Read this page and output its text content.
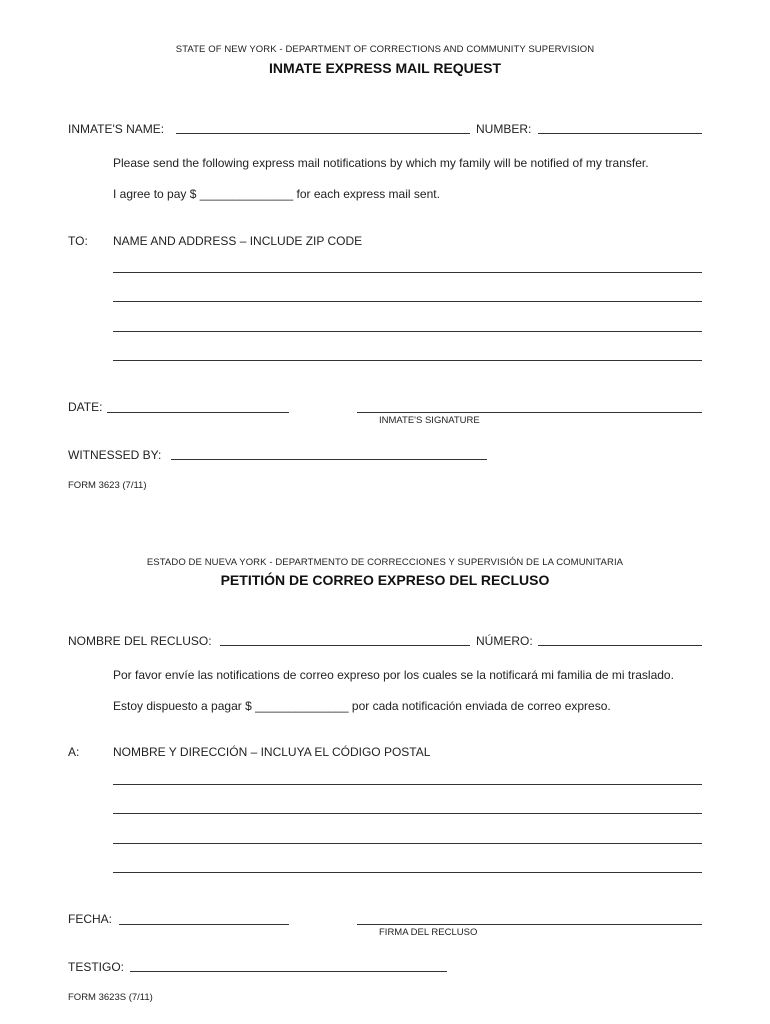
STATE OF NEW YORK - DEPARTMENT OF CORRECTIONS AND COMMUNITY SUPERVISION
INMATE EXPRESS MAIL REQUEST
INMATE'S NAME:	NUMBER:
Please send the following express mail notifications by which my family will be notified of my transfer.
I agree to pay $ ______________ for each express mail sent.
TO: NAME AND ADDRESS – INCLUDE ZIP CODE
DATE:
INMATE'S SIGNATURE
WITNESSED BY:
FORM 3623 (7/11)
ESTADO DE NUEVA YORK - DEPARTMENTO DE CORRECCIONES Y SUPERVISIÓN DE LA COMUNITARIA
PETITIÓN DE CORREO EXPRESO DEL RECLUSO
NOMBRE DEL RECLUSO:	NÚMERO:
Por favor envíe las notifications de correo expreso por los cuales se la notificará mi familia de mi traslado.
Estoy dispuesto a pagar $ ______________ por cada notificación enviada de correo expreso.
A:	NOMBRE Y DIRECCIÓN – INCLUYA EL CÓDIGO POSTAL
FECHA:
FIRMA DEL RECLUSO
TESTIGO:
FORM 3623S (7/11)
